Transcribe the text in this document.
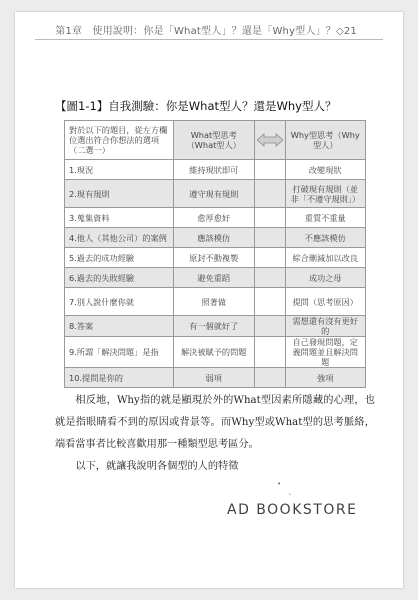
第1章　使用說明：你是「What型人」？還是「Why型人」？◇21
【圖1-1】自我測驗：你是What型人？還是Why型人？
對於以下的題目，從左方欄位選出符合你想法的選項（二選一）	What型思考（What型人）		Why型思考（Why型人）
1.現況	維持現狀即可		改變現狀
2.現有規則	遵守現有規則		打破現有規則（並非「不遵守規則」）
3.蒐集資料	愈厚愈好		重質不重量
4.他人（其他公司）的案例	應該模仿		不應該模仿
5.過去的成功經驗	原封不動複製		綜合刪減加以改良
6.過去的失敗經驗	避免重蹈		成功之母
7.別人說什麼你就	照著做		提問（思考原因）
8.答案	有一個就好了		需想還有沒有更好的
9.所謂「解決問題」是指	解決被賦予的問題		自己發現問題，定義問題並且解決問題
10.提問是你的	弱項		強項

相反地，Why指的就是顯現於外的What型因素所隱藏的心理，也就是指眼睛看不到的原因或背景等。而Why型或What型的思考脈絡，端看當事者比較喜歡用那一種類型思考區分。

以下，就讓我說明各個型的人的特徵

讀本視點
AD BOOKSTORE
